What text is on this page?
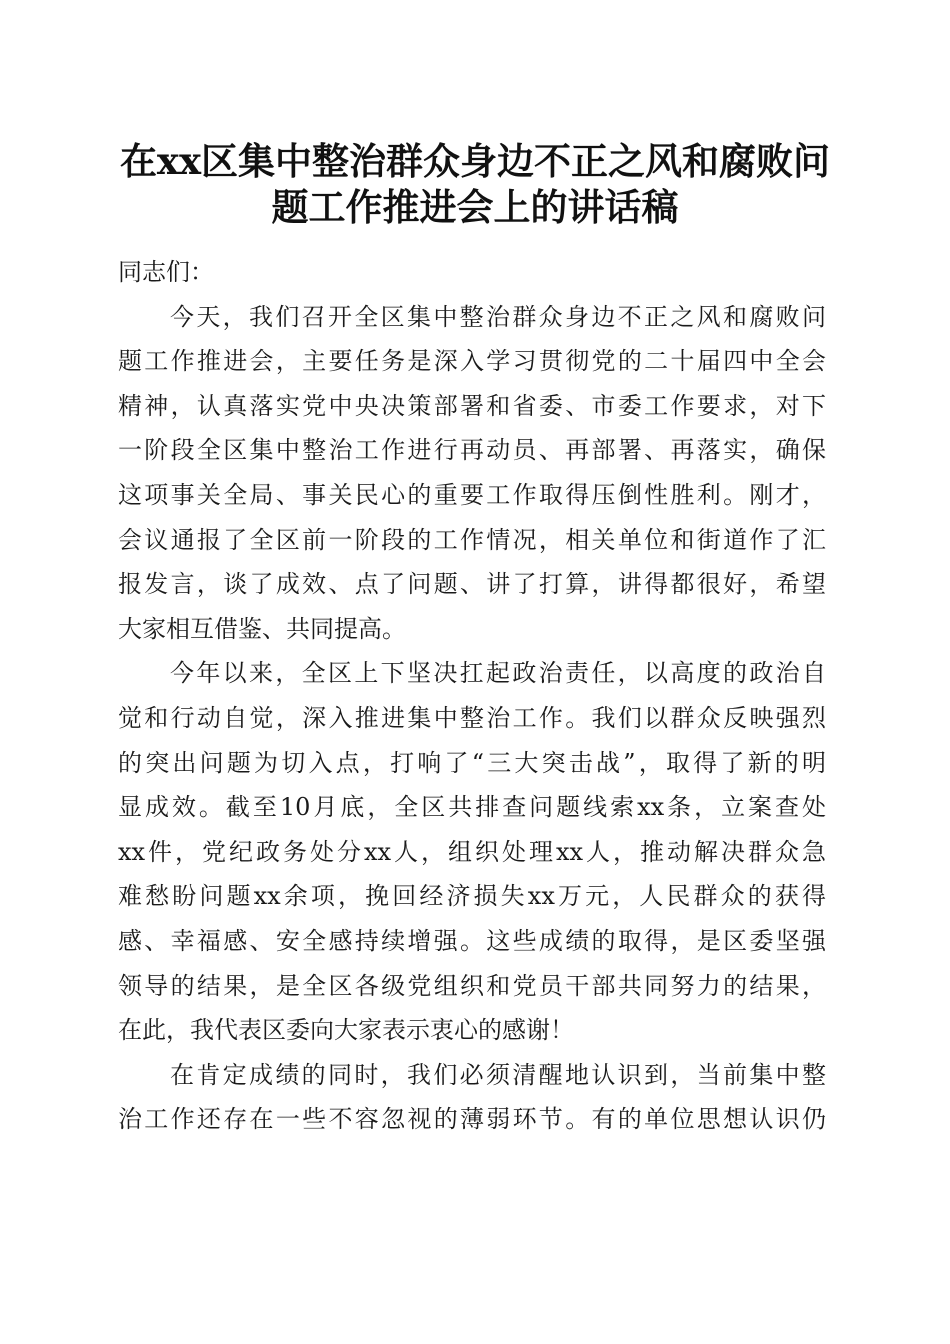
在xx区集中整治群众身边不正之风和腐败问
题工作推进会上的讲话稿
同志们：
今天，我们召开全区集中整治群众身边不正之风和腐败问
题工作推进会，主要任务是深入学习贯彻党的二十届四中全会
精神，认真落实党中央决策部署和省委、市委工作要求，对下
一阶段全区集中整治工作进行再动员、再部署、再落实，确保
这项事关全局、事关民心的重要工作取得压倒性胜利。刚才，
会议通报了全区前一阶段的工作情况，相关单位和街道作了汇
报发言，谈了成效、点了问题、讲了打算，讲得都很好，希望
大家相互借鉴、共同提高。
今年以来，全区上下坚决扛起政治责任，以高度的政治自
觉和行动自觉，深入推进集中整治工作。我们以群众反映强烈
的突出问题为切入点，打响了“三大突击战”，取得了新的明
显成效。截至10月底，全区共排查问题线索xx条，立案查处
xx件，党纪政务处分xx人，组织处理xx人，推动解决群众急
难愁盼问题xx余项，挽回经济损失xx万元，人民群众的获得
感、幸福感、安全感持续增强。这些成绩的取得，是区委坚强
领导的结果，是全区各级党组织和党员干部共同努力的结果，
在此，我代表区委向大家表示衷心的感谢！
在肯定成绩的同时，我们必须清醒地认识到，当前集中整
治工作还存在一些不容忽视的薄弱环节。有的单位思想认识仍
